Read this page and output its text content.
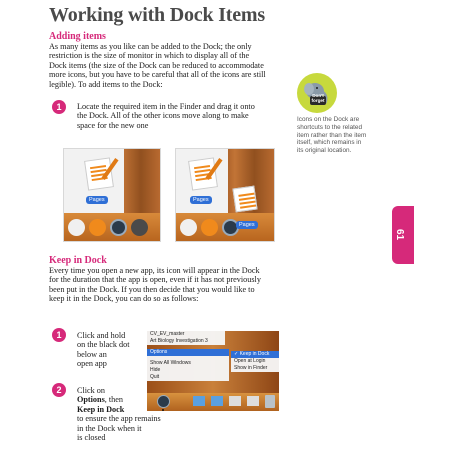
Working with Dock Items
Adding items
As many items as you like can be added to the Dock; the only
restriction is the size of monitor in which to display all of the
Dock items (the size of the Dock can be reduced to accommodate
more icons, but you have to be careful that all of the icons are still
legible). To add items to the Dock:
1	Locate the required item in the Finder and drag it onto
the Dock. All of the other icons move along to make
space for the new one
Pages	Pages
Pages
Don't
forget
Icons on the Dock are
shortcuts to the related
item rather than the item
itself, which remains in
its original location.
61
Keep in Dock
Every time you open a new app, its icon will appear in the Dock
for the duration that the app is open, even if it has not previously
been put in the Dock. If you then decide that you would like to
keep it in the Dock, you can do so as follows:
1	Click and hold
on the black dot
below an
open app
2	Click on
Options, then
Keep in Dock
to ensure the app remains
in the Dock when it
is closed
CV_EV_master
Art Biology Investigation 3
Options
Show All Windows
Hide
Quit
✓ Keep in Dock
Open at Login
Show in Finder
